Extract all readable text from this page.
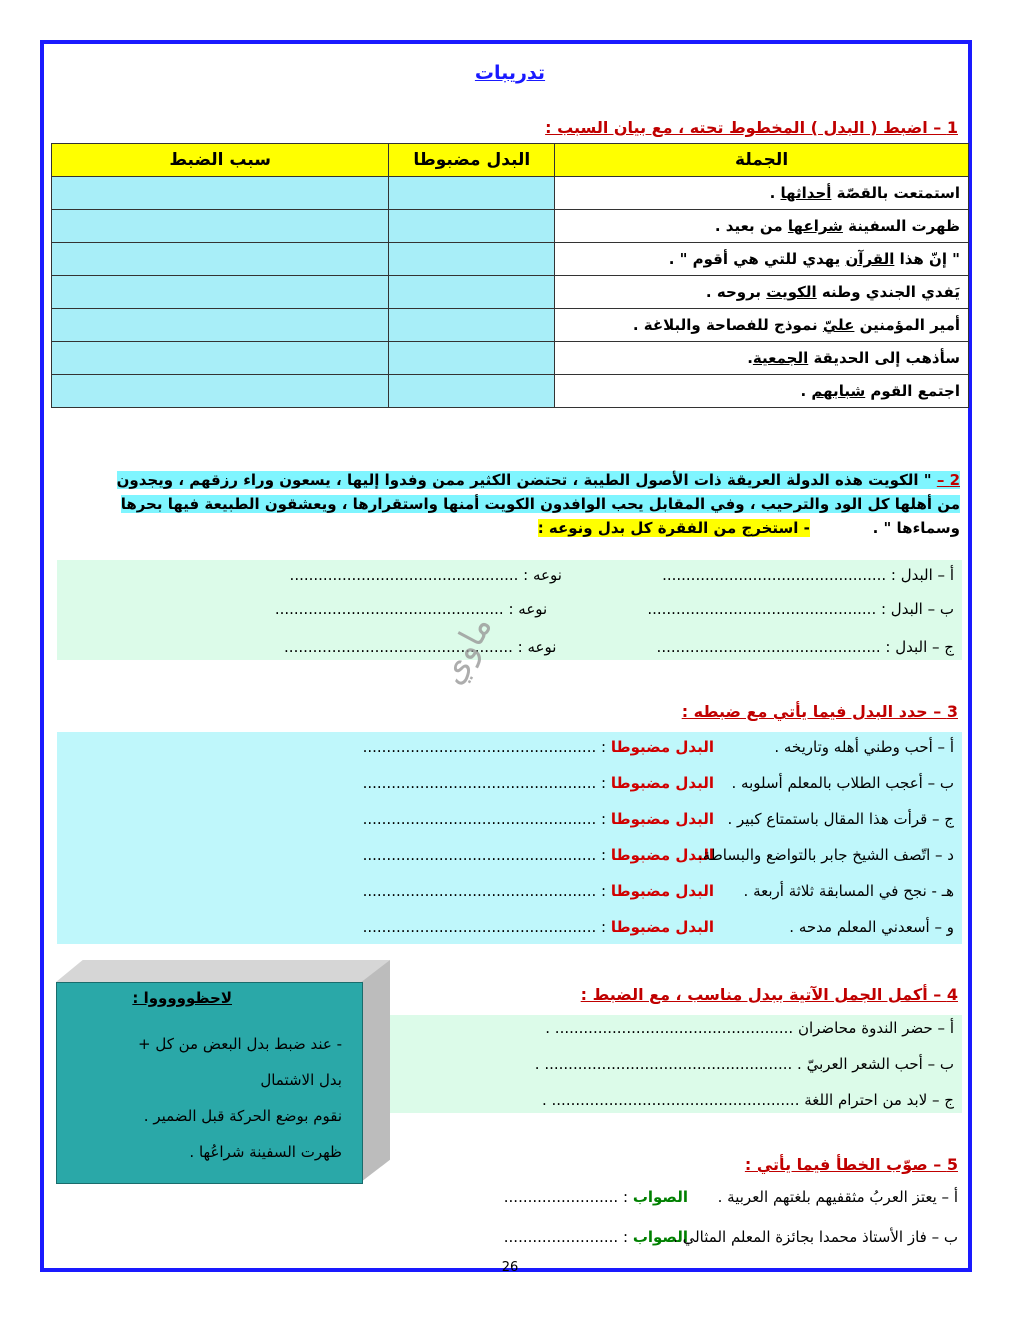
تدريبات
1 – اضبط ( البدل ) المخطوط تحته ، مع بيان السبب :
الجملة	البدل مضبوطا	سبب الضبط
استمتعت بالقصّة أحداثها .		
ظهرت السفينة شراعها من بعيد .		
" إنّ هذا القرآن يهدي للتي هي أقوم " .		
يَفدي الجندي وطنه الكويت بروحه .		
أمير المؤمنين عليّ نموذج للفصاحة والبلاغة .		
سأذهب إلى الحديقة الجمعية.		
اجتمع القوم شبابهم .		
2 – " الكويت هذه الدولة العريقة ذات الأصول الطيبة ، تحتضن الكثير ممن وفدوا إليها ، يسعون وراء رزقهم ، ويجدون
من أهلها كل الود والترحيب ، وفي المقابل يحب الوافدون الكويت أمنها واستقرارها ، ويعشقون الطبيعة فيها بحرها
وسماءها " .            - استخرج من الفقرة كل بدل ونوعه :
أ – البدل : ...............................................                     نوعه : ................................................
ب – البدل : ................................................                     نوعه : ................................................
ج – البدل : ...............................................                     نوعه : ................................................
ماوي
3 – حدد البدل فيما يأتي مع ضبطه :
أ – أحب وطني أهله وتاريخه .البدل مضبوطا : .................................................
ب – أعجب الطلاب بالمعلم أسلوبه .البدل مضبوطا : .................................................
ج – قرأت هذا المقال باستمتاع كبير .البدل مضبوطا : .................................................
د – اتّصف الشيخ جابر بالتواضع والبساطة.البدل مضبوطا : .................................................
هـ - نجح في المسابقة ثلاثة أربعة .البدل مضبوطا : .................................................
و – أسعدني المعلم مدحه .البدل مضبوطا : .................................................
لاحظوووووا :
- عند ضبط بدل البعض من كل +
بدل الاشتمال
نقوم بوضع الحركة قبل الضمير .
ظهرت السفينة شراعُها .
4 – أكمل الجمل الآتية ببدل مناسب ، مع الضبط :
أ – حضر الندوة محاضران .................................................. .
ب – أحب الشعر العربيّ . .................................................... .
ج – لابد من احترام اللغة .................................................... .
5 – صوّب الخطأ فيما يأتي :
أ – يعتز العربُ مثقفيهم بلغتهم العربية .الصواب : ........................
ب – فاز الأستاذ محمدا بجائزة المعلم المثالي .الصواب : ........................
26
